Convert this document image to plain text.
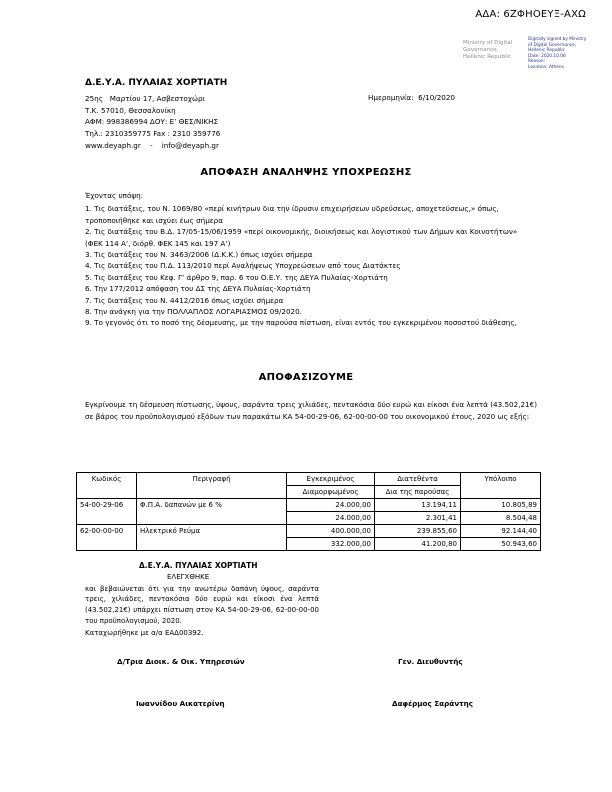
ΑΔΑ: 6ΖΦΗΟΕΥΞ-ΑΧΩ
Ministry of Digital
Governance,
Hellenic Republic
Digitally signed by Ministry
of Digital Governance,
Hellenic Republic
Date: 2020.10.06
Reason:
Location: Athens
Δ.Ε.Υ.Α. ΠΥΛΑΙΑΣ ΧΟΡΤΙΑΤΗ
25ης   Μαρτίου 17, Ασβεστοχώρι
Τ.Κ. 57010, Θεσσαλονίκη
ΑΦΜ: 998386994 ΔΟΥ: Ε’ ΘΕΣ/ΝΙΚΗΣ
Τηλ.: 2310359775 Fax : 2310 359776
www.deyaph.gr    -    info@deyaph.gr
Ημερομηνία:  6/10/2020
ΑΠΟΦΑΣΗ ΑΝΑΛΗΨΗΣ ΥΠΟΧΡΕΩΣΗΣ
Έχοντας υπόψη:
1. Τις διατάξεις, του Ν. 1069/80 «περί κινήτρων δια την ίδρυσιν επιχειρήσεων υδρεύσεως, αποχετεύσεως,» όπως, τροποποιήθηκε και ισχύει έως σήμερα
2. Τις διατάξεις του Β.Δ. 17/05-15/06/1959 «περί οικονομικής, διοικήσεως και λογιστικού των Δήμων και Κοινοτήτων» (ΦΕΚ 114 Α’, διόρθ. ΦΕΚ 145 και 197 Α’)
3. Τις διατάξεις του Ν. 3463/2006 (Δ.Κ.Κ.) όπως ισχύει σήμερα
4. Τις διατάξεις του Π.Δ. 113/2010 περί Αναλήψεως Υποχρεώσεων από τους Διατάκτες
5. Τις διατάξεις του Κεφ. Γ’ άρθρο 9, παρ. 6 του Ο.Ε.Υ. της ΔΕΥΑ Πυλαίας-Χορτιάτη
6. Την 177/2012 απόφαση του ΔΣ της ΔΕΥΑ Πυλαίας-Χορτιάτη
7. Τις διατάξεις του Ν. 4412/2016 όπως ισχύει σήμερα
8. Την ανάγκη για την ΠΟΛΛΑΠΛΟΣ ΛΟΓΑΡΙΑΣΜΟΣ 09/2020.
9. Το γεγονός ότι το ποσό της δέσμευσης, με την παρούσα πίστωση, είναι εντός του εγκεκριμένου ποσοστού διάθεσης,
ΑΠΟΦΑΣΙΖΟΥΜΕ
Εγκρίνουμε τη δέσμευση πίστωσης, ύψους, σαράντα τρεις χιλιάδες, πεντακόσια δύο ευρώ και είκοσι ένα λεπτά (43.502,21€) σε βάρος του προϋπολογισμού εξόδων των παρακάτω ΚΑ 54-00-29-06, 62-00-00-00 του οικονομικού έτους, 2020 ως εξής:
Κωδικός	Περιγραφή	Εγκεκριμένος	Διατεθέντα	Υπόλοιπο
		Διαμορφωμένος	Δια της παρούσας	
54-00-29-06	Φ.Π.Α. δαπανών με 6 %	24.000,00	13.194,11	10.805,89
		24.000,00	2.301,41	8.504,48
62-00-00-00	Ηλεκτρικό Ρεύμα	400.000,00	239.855,60	92.144,40
		332.000,00	41.200,80	50.943,60
Δ.Ε.Υ.Α. ΠΥΛΑΙΑΣ ΧΟΡΤΙΑΤΗ
ΕΛΕΓΧΘΗΚΕ
και βεβαιώνεται ότι για την ανωτέρω δαπάνη ύψους, σαράντα τρεις, χιλιάδες, πεντακόσια δύο ευρώ και είκοσι ένα λεπτά (43.502,21€) υπάρχει πίστωση στον ΚΑ 54-00-29-06, 62-00-00-00 του προϋπολογισμού, 2020.
Καταχωρήθηκε με α/α ΕΑΔ00392.
Δ/Τρια Διοικ. & Οικ. Υπηρεσιών	Γεν. Διευθυντής
Ιωαννίδου Αικατερίνη	Δαφέρμος Σαράντης
